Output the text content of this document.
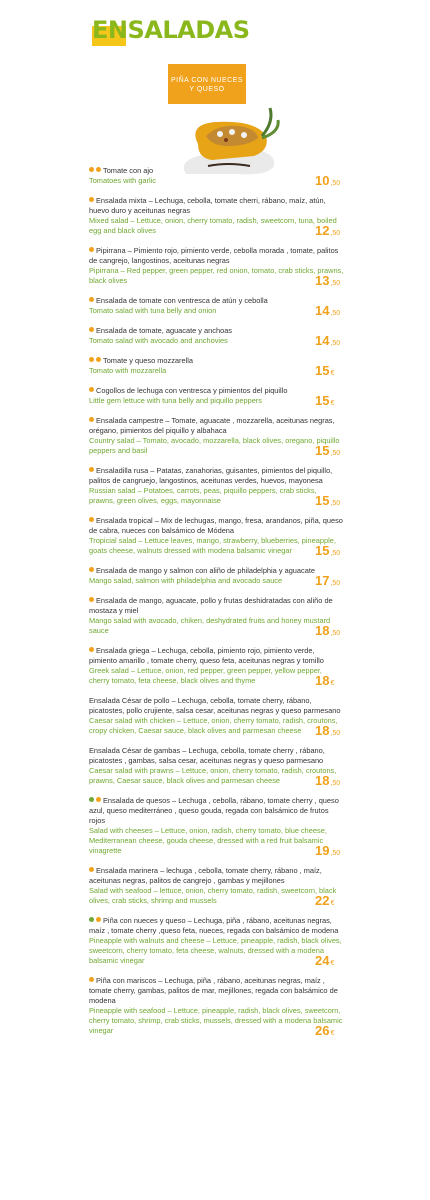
ENSALADAS
PIÑA CON NUECES Y QUESO
Tomate con ajo
Tomatoes with garlic	10,50
Ensalada mixta – Lechuga, cebolla, tomate cherri, rábano, maíz, atún, huevo duro y aceitunas negras
Mixed salad – Lettuce, onion, cherry tomato, radish, sweetcorn, tuna, boiled egg and black olives	12,50
Pipirrana – Pimiento rojo, pimiento verde, cebolla morada , tomate, palitos de cangrejo, langostinos, aceitunas negras
Pipirrana – Red pepper, green pepper, red onion, tomato, crab sticks, prawns, black olives	13,50
Ensalada de tomate con ventresca de atún y cebolla
Tomato salad with tuna belly and onion	14,50
Ensalada de tomate, aguacate y anchoas
Tomato salad with avocado and anchovies	14,50
Tomate y queso mozzarella
Tomato with mozzarella	15€
Cogollos de lechuga con ventresca y pimientos del piquillo
Little gem lettuce with tuna belly and piquillo peppers	15€
Ensalada campestre – Tomate, aguacate , mozzarella, aceitunas negras, orégano, pimientos del piquillo y albahaca
Country salad – Tomato, avocado, mozzarella, black olives, oregano, piquillo peppers and basil	15,50
Ensaladilla rusa – Patatas, zanahorias, guisantes, pimientos del piquillo, palitos de cangruejo, langostinos, aceitunas verdes, huevos, mayonesa
Russian salad – Potatoes, carrots, peas, piquillo peppers, crab sticks, prawns, green olives, eggs, mayonnaise	15,50
Ensalada tropical – Mix de lechugas, mango, fresa, arandanos, piña, queso de cabra, nueces con balsámico de Módena
Tropicial salad – Lettuce leaves, mango, strawberry, blueberries, pineapple, goats cheese, walnuts dressed with modena balsamic vinegar	15,50
Ensalada de mango y salmon con aliño de philadelphia y aguacate
Mango salad, salmon with philadelphia and avocado sauce	17,50
Ensalada de mango, aguacate, pollo y frutas deshidratadas con aliño de mostaza y miel
Mango salad with avocado, chiken, deshydrated fruits and honey mustard sauce	18,50
Ensalada griega – Lechuga, cebolla, pimiento rojo, pimiento verde, pimiento amarillo , tomate cherry, queso feta, aceitunas negras y tomillo
Greek salad – Lettuce, onion, red pepper, green pepper, yellow pepper, cherry tomato, feta cheese, black olives and thyme	18€
Ensalada César de pollo – Lechuga, cebolla, tomate cherry, rábano, picatostes, pollo crujiente, salsa cesar, aceitunas negras y queso parmesano
Caesar salad with chicken – Lettuce, onion, cherry tomato, radish, croutons, cropy chicken, Caesar sauce, black olives and parmesan cheese	18,50
Ensalada César de gambas – Lechuga, cebolla, tomate cherry , rábano, picatostes , gambas, salsa cesar, aceitunas negras y queso parmesano
Caesar salad with prawns – Lettuce, onion, cherry tomato, radish, croutons, prawns, Caesar sauce, black olives and parmesan cheese	18,50
Ensalada de quesos – Lechuga , cebolla, rábano, tomate cherry , queso azul, queso mediterráneo , queso gouda, regada con balsámico de frutos rojos
Salad with cheeses – Lettuce, onion, radish, cherry tomato, blue cheese, Mediterranean cheese, gouda cheese, dressed with a red fruit balsamic vinagrette	19,50
Ensalada marinera – lechuga , cebolla, tomate cherry, rábano , maíz, aceitunas negras, palitos de cangrejo , gambas y mejillones
Salad with seafood – lettuce, onion, cherry tomato, radish, sweetcorn, black olives, crab sticks, shrimp and mussels	22€
Piña con nueces y queso – Lechuga, piña , rábano, aceitunas negras, maíz , tomate cherry ,queso feta, nueces, regada con balsámico de modena
Pineapple with walnuts and cheese – Lettuce, pineapple, radish, black olives, sweetcorn, cherry tomato, feta cheese, walnuts, dressed with a modena balsamic vinegar	24€
Piña con mariscos – Lechuga, piña , rábano, aceitunas negras, maíz , tomate cherry, gambas, palitos de mar, mejillones, regada con balsámico de modena
Pineapple with seafood – Lettuce, pineapple, radish, black olives, sweetcorn, cherry tomato, shrimp, crab sticks, mussels, dressed with a modena balsamic vinegar	26€
